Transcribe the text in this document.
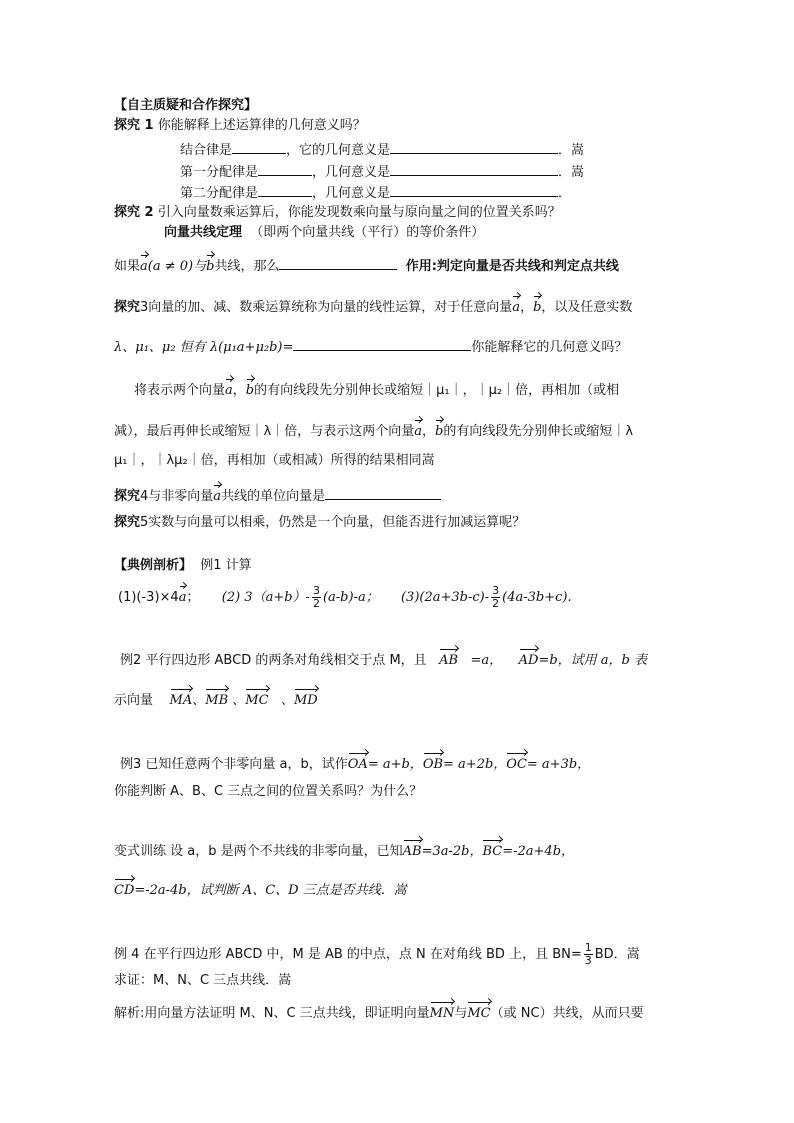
【自主质疑和合作探究】
探究 1 你能解释上述运算律的几何意义吗？
结合律是	，它的几何意义是	．嵩
第一分配律是	，几何意义是	．嵩
第二分配律是	，几何意义是	．
探究 2 引入向量数乘运算后，你能发现数乘向量与原向量之间的位置关系吗？
向量共线定理 （即两个向量共线（平行）的等价条件）
如果a(a ≠ 0)与b共线，那么	作用:判定向量是否共线和判定点共线
探究3向量的加、减、数乘运算统称为向量的线性运算，对于任意向量a，b，以及任意实数
λ、μ₁、μ₂ 恒有 λ(μ₁a+μ₂b)=	你能解释它的几何意义吗？
将表示两个向量a，b的有向线段先分别伸长或缩短｜μ₁｜，｜μ₂｜倍，再相加（或相
减），最后再伸长或缩短｜λ｜倍，与表示这两个向量a，b的有向线段先分别伸长或缩短｜λ
μ₁｜，｜λμ₂｜倍，再相加（或相减）所得的结果相同嵩
探究4与非零向量a共线的单位向量是
探究5实数与向量可以相乘，仍然是一个向量，但能否进行加减运算呢？
【典例剖析】 例1 计算
(1)(-3)×4a； (2) $3(a+b)- \frac{3}{2} (a-b)-a$； $(3)(2a+3b-c)- \frac{3}{2} (4a-3b+c)$.
例2 平行四边形 ABCD 的两条对角线相交于点 M，且 AB =a， AD=b，试用 a，b 表
示向量 MA、MB 、MC 、MD
例3 已知任意两个非零向量 a，b，试作OA= a+b，OB= a+2b，OC= a+3b，
你能判断 A、B、C 三点之间的位置关系吗？为什么？
变式训练 设 a，b 是两个不共线的非零向量，已知AB=3a-2b，BC=-2a+4b，
CD=-2a-4b，试判断 A、C、D 三点是否共线．嵩
例 4 在平行四边形 ABCD 中，M 是 AB 的中点，点 N 在对角线 BD 上，且 $BN= \frac{1}{3}$ BD．嵩
求证：M、N、C 三点共线．嵩
解析:用向量方法证明 M、N、C 三点共线，即证明向量MN与MC（或 NC）共线，从而只要
